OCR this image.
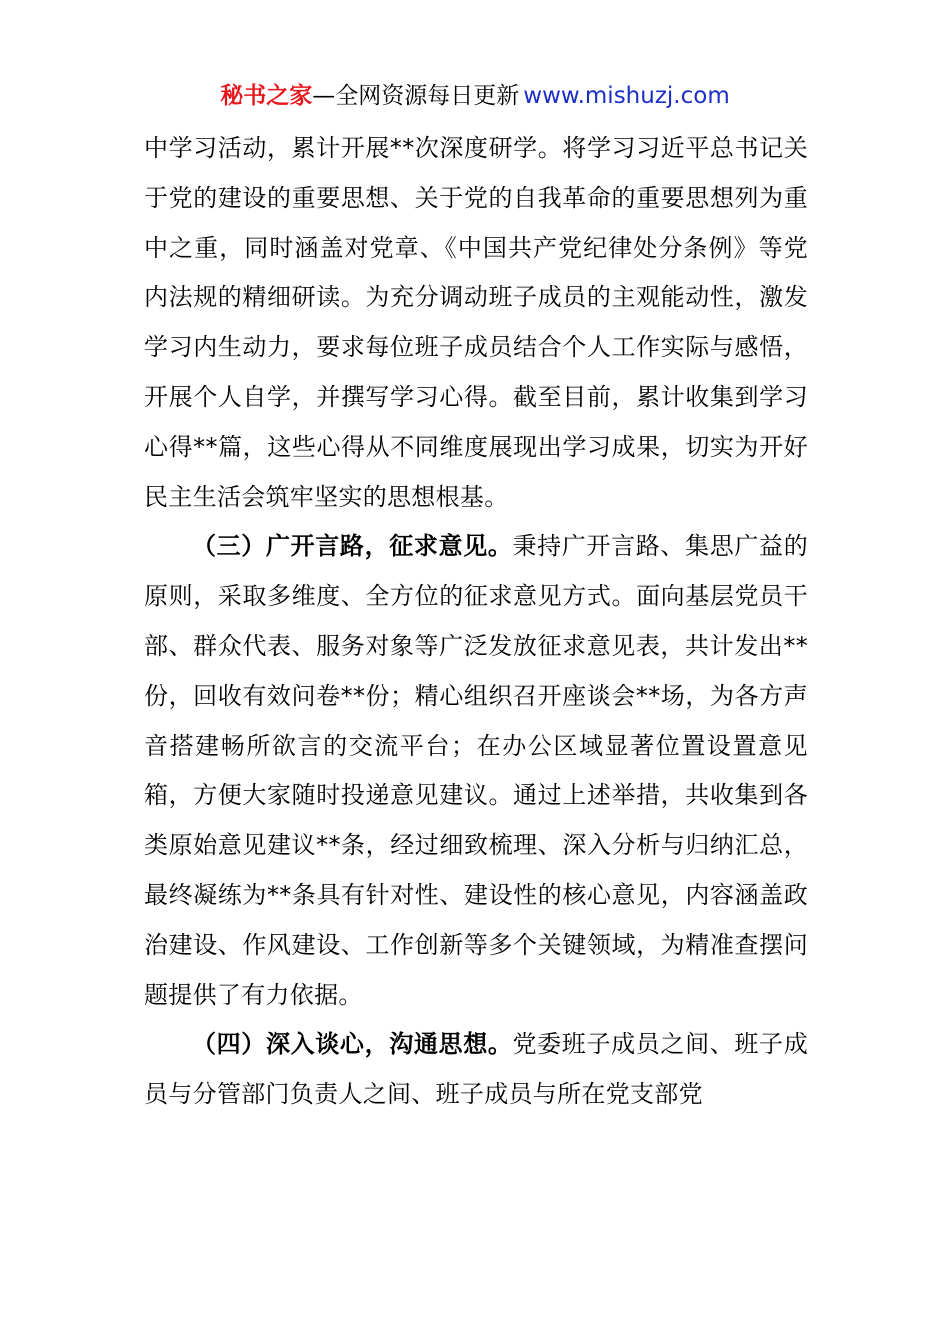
秘书之家—全网资源每日更新 www.mishuzj.com

中学习活动，累计开展**次深度研学。将学习习近平总书记关于党的建设的重要思想、关于党的自我革命的重要思想列为重中之重，同时涵盖对党章、《中国共产党纪律处分条例》等党内法规的精细研读。为充分调动班子成员的主观能动性，激发学习内生动力，要求每位班子成员结合个人工作实际与感悟，开展个人自学，并撰写学习心得。截至目前，累计收集到学习心得**篇，这些心得从不同维度展现出学习成果，切实为开好民主生活会筑牢坚实的思想根基。

（三）广开言路，征求意见。秉持广开言路、集思广益的原则，采取多维度、全方位的征求意见方式。面向基层党员干部、群众代表、服务对象等广泛发放征求意见表，共计发出**份，回收有效问卷**份；精心组织召开座谈会**场，为各方声音搭建畅所欲言的交流平台；在办公区域显著位置设置意见箱，方便大家随时投递意见建议。通过上述举措，共收集到各类原始意见建议**条，经过细致梳理、深入分析与归纳汇总，最终凝练为**条具有针对性、建设性的核心意见，内容涵盖政治建设、作风建设、工作创新等多个关键领域，为精准查摆问题提供了有力依据。

（四）深入谈心，沟通思想。党委班子成员之间、班子成员与分管部门负责人之间、班子成员与所在党支部党
